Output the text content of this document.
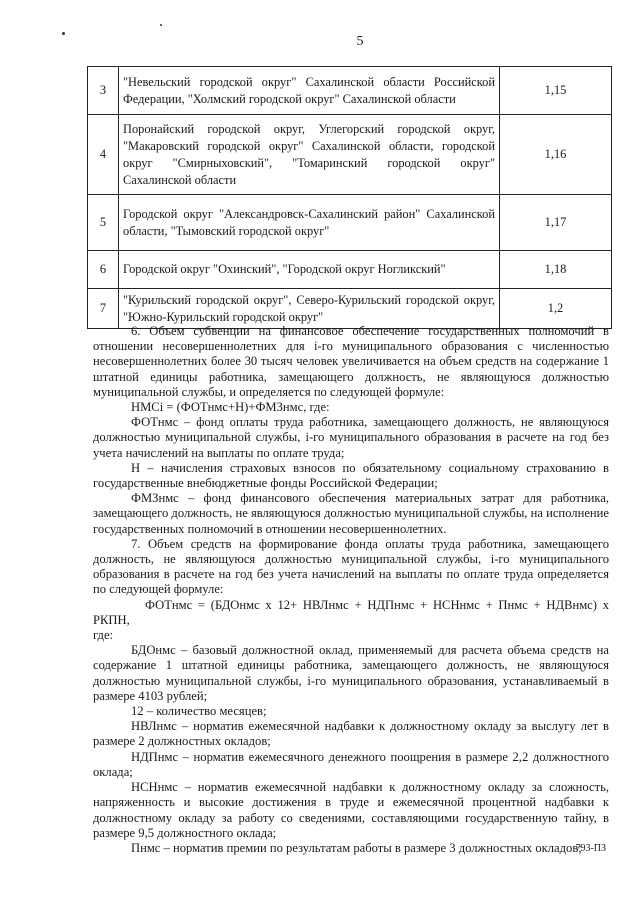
5
3	"Невельский городской округ" Сахалинской области Российской Федерации, "Холмский городской округ" Сахалинской области	1,15
4	Поронайский городской округ, Углегорский городской округ, "Макаровский городской округ" Сахалинской области, городской округ "Смирныховский", "Томаринский городской округ" Сахалинской области	1,16
5	Городской округ "Александровск-Сахалинский район" Сахалинской области, "Тымовский городской округ"	1,17
6	Городской округ "Охинский", "Городской округ Ногликский"	1,18
7	"Курильский городской округ", Северо-Курильский городской округ, "Южно-Курильский городской округ"	1,2

6. Объем субвенции на финансовое обеспечение государственных полномочий в отношении несовершеннолетних для i-го муниципального образования с численностью несовершеннолетних более 30 тысяч человек увеличивается на объем средств на содержание 1 штатной единицы работника, замещающего должность, не являющуюся должностью муниципальной службы, и определяется по следующей формуле:

НМСi = (ФОТнмс+Н)+ФМЗнмс, где:

ФОТнмс – фонд оплаты труда работника, замещающего должность, не являющуюся должностью муниципальной службы, i-го муниципального образования в расчете на год без учета начислений на выплаты по оплате труда;

Н – начисления страховых взносов по обязательному социальному страхованию в государственные внебюджетные фонды Российской Федерации;

ФМЗнмс – фонд финансового обеспечения материальных затрат для работника, замещающего должность, не являющуюся должностью муниципальной службы, на исполнение государственных полномочий в отношении несовершеннолетних.

7. Объем средств на формирование фонда оплаты труда работника, замещающего должность, не являющуюся должностью муниципальной службы, i-го муниципального образования в расчете на год без учета начислений на выплаты по оплате труда определяется по следующей формуле:

ФОТнмс = (БДОнмс х 12+ НВЛнмс + НДПнмс + НСНнмс + Пнмс + НДВнмс) х РКПН,

где:

БДОнмс – базовый должностной оклад, применяемый для расчета объема средств на содержание 1 штатной единицы работника, замещающего должность, не являющуюся должностью муниципальной службы, i-го муниципального образования, устанавливаемый в размере 4103 рублей;

12 – количество месяцев;

НВЛнмс – норматив ежемесячной надбавки к должностному окладу за выслугу лет в размере 2 должностных окладов;

НДПнмс – норматив ежемесячного денежного поощрения в размере 2,2 должностного оклада;

НСНнмс – норматив ежемесячной надбавки к должностному окладу за сложность, напряженность и высокие достижения в труде и ежемесячной процентной надбавки к должностному окладу за работу со сведениями, составляющими государственную тайну, в размере 9,5 должностного оклада;

Пнмс – норматив премии по результатам работы в размере 3 должностных окладов;

793-ПЗ
